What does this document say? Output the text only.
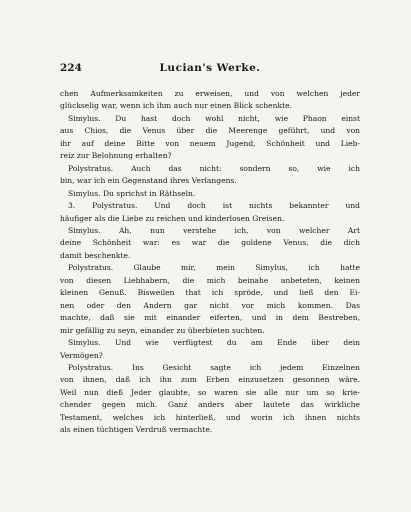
224	Lucian's Werke.
chen Aufmerksamkeiten zu erweisen, und von welchen jeder
glückselig war, wenn ich ihm auch nur einen Blick schenkte.
Simylus. Du hast doch wohl nicht, wie Phaon einst
aus Chios, die Venus über die Meerenge geführt, und von
ihr auf deine Bitte von neuem Jugend, Schönheit und Lieb-
reiz zur Belohnung erhalten?
Polystratus. Auch das nicht: sondern so, wie ich
bin, war ich ein Gegenstand ihres Verlangens.
Simylus. Du sprichst in Räthseln.
3. Polystratus. Und doch ist nichts bekannter und
häufiger als die Liebe zu reichen und kinderlosen Greisen.
Simylus. Ah, nun verstehe ich, von welcher Art
deine Schönheit war: es war die goldene Venus, die dich
damit beschenkte.
Polystratus. Glaube mir, mein Simylus, ich hatte
von diesen Liebhabern, die mich beinahe anbeteten, keinen
kleinen Genuß. Bisweilen that ich spröde, und ließ den Ei-
nen oder den Andern gar nicht vor mich kommen. Das
machte, daß sie mit einander eiferten, und in dem Bestreben,
mir gefällig zu seyn, einander zu überbieten suchten.
Simylus. Und wie verfügtest du am Ende über dein
Vermögen?
Polystratus. Ins Gesicht sagte ich jedem Einzelnen
von ihnen, daß ich ihn zum Erben einzusetzen gesonnen wäre.
Weil nun dieß Jeder glaubte, so waren sie alle nur um so krie-
chender gegen mich. Ganz anders aber lautete das wirkliche
Testament, welches ich hinterließ, und worin ich ihnen nichts
als einen tüchtigen Verdruß vermachte.
